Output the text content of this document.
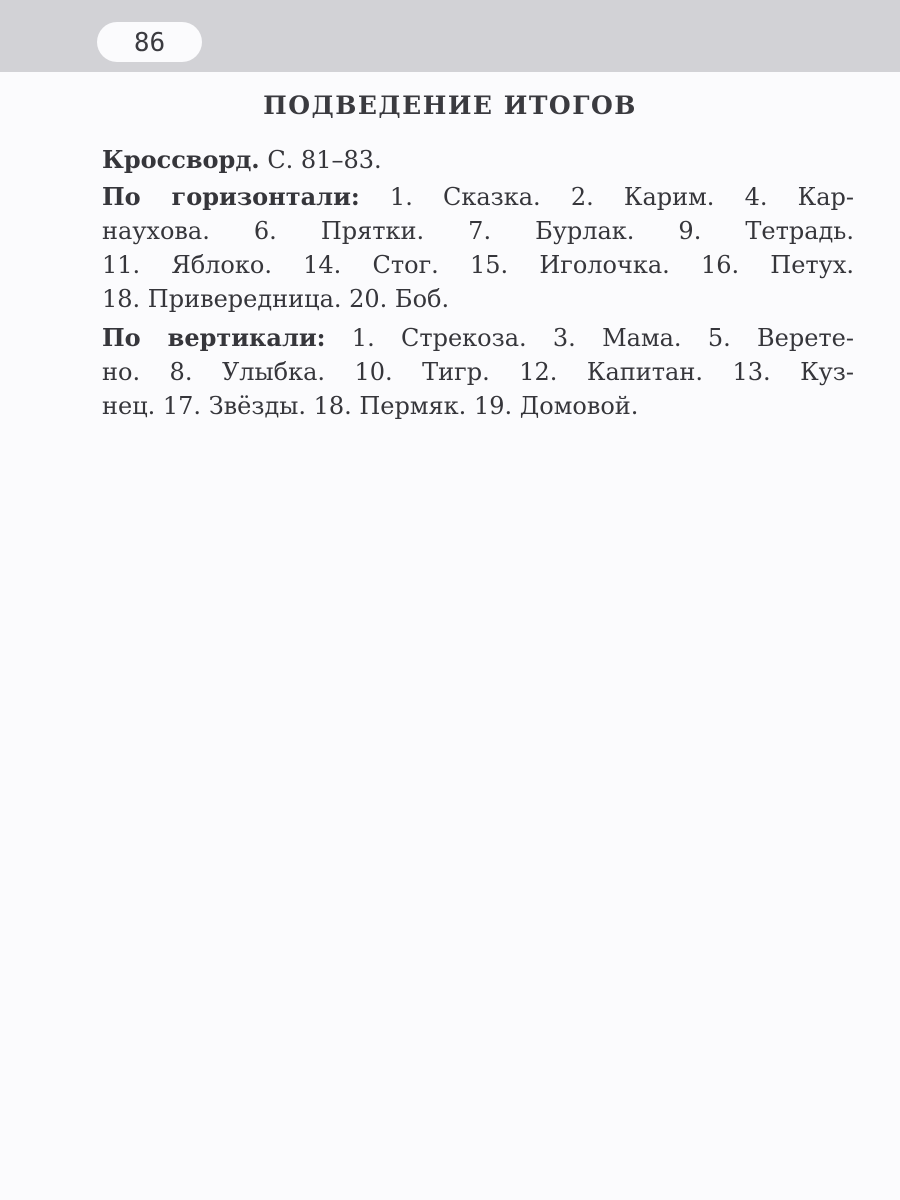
86
ПОДВЕДЕНИЕ ИТОГОВ

Кроссворд. С. 81–83.

По горизонтали: 1. Сказка. 2. Карим. 4. Кар-
наухова. 6. Прятки. 7. Бурлак. 9. Тетрадь.
11. Яблоко. 14. Стог. 15. Иголочка. 16. Петух.
18. Привередница. 20. Боб.

По вертикали: 1. Стрекоза. 3. Мама. 5. Верете-
но. 8. Улыбка. 10. Тигр. 12. Капитан. 13. Куз-
нец. 17. Звёзды. 18. Пермяк. 19. Домовой.
